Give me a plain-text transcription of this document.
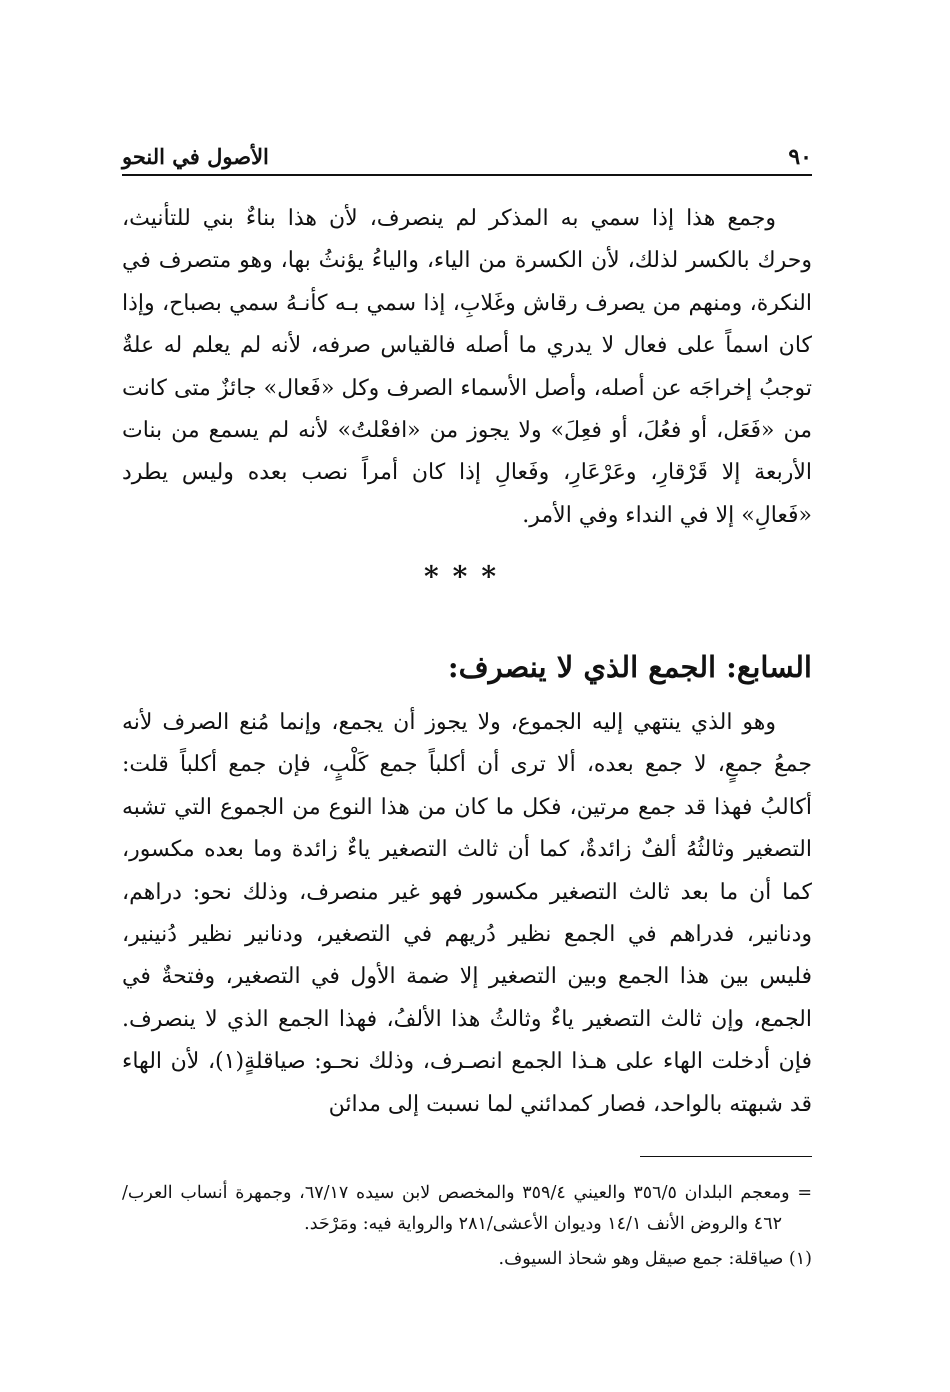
٩٠
الأصول في النحو
وجمع هذا إذا سمي به المذكر لم ينصرف، لأن هذا بناءٌ بني للتأنيث، وحرك بالكسر لذلك، لأن الكسرة من الياء، والياءُ يؤنثُ بها، وهو متصرف في النكرة، ومنهم من يصرف رقاش وغَلابِ، إذا سمي بـه كأنـهُ سمي بصباح، وإذا كان اسماً على فعال لا يدري ما أصله فالقياس صرفه، لأنه لم يعلم له علةٌ توجبُ إخراجَه عن أصله، وأصل الأسماء الصرف وكل «فَعال» جائزٌ متى كانت من «فَعَل، أو فعُلَ، أو فعِلَ» ولا يجوز من «افعْلتُ» لأنه لم يسمع من بنات الأربعة إلا قَرْقارِ، وعَرْعَارِ، وفَعالِ إذا كان أمراً نصب بعده وليس يطرد «فَعالِ» إلا في النداء وفي الأمر.
***
السابع: الجمع الذي لا ينصرف:
وهو الذي ينتهي إليه الجموع، ولا يجوز أن يجمع، وإنما مُنع الصرف لأنه جمعُ جمعٍ، لا جمع بعده، ألا ترى أن أكلباً جمع كَلْبٍ، فإن جمع أكلباً قلت: أكالبُ فهذا قد جمع مرتين، فكل ما كان من هذا النوع من الجموع التي تشبه التصغير وثالثُهُ ألفٌ زائدةٌ، كما أن ثالث التصغير ياءٌ زائدة وما بعده مكسور، كما أن ما بعد ثالث التصغير مكسور فهو غير منصرف، وذلك نحو: دراهم، ودنانير، فدراهم في الجمع نظير دُريهم في التصغير، ودنانير نظير دُنينير، فليس بين هذا الجمع وبين التصغير إلا ضمة الأول في التصغير، وفتحةٌ في الجمع، وإن ثالث التصغير ياءٌ وثالثُ هذا الألفُ، فهذا الجمع الذي لا ينصرف. فإن أدخلت الهاء على هـذا الجمع انصـرف، وذلك نحـو: صياقلةٍ(١)، لأن الهاء قد شبهته بالواحد، فصار كمدائني لما نسبت إلى مدائن
= ومعجم البلدان ٣٥٦/٥ والعيني ٣٥٩/٤ والمخصص لابن سيده ٦٧/١٧، وجمهرة أنساب العرب/٤٦٢ والروض الأنف ١٤/١ وديوان الأعشى/٢٨١ والرواية فيه: ومَرْحَد.
(١) صياقلة: جمع صيقل وهو شحاذ السيوف.
